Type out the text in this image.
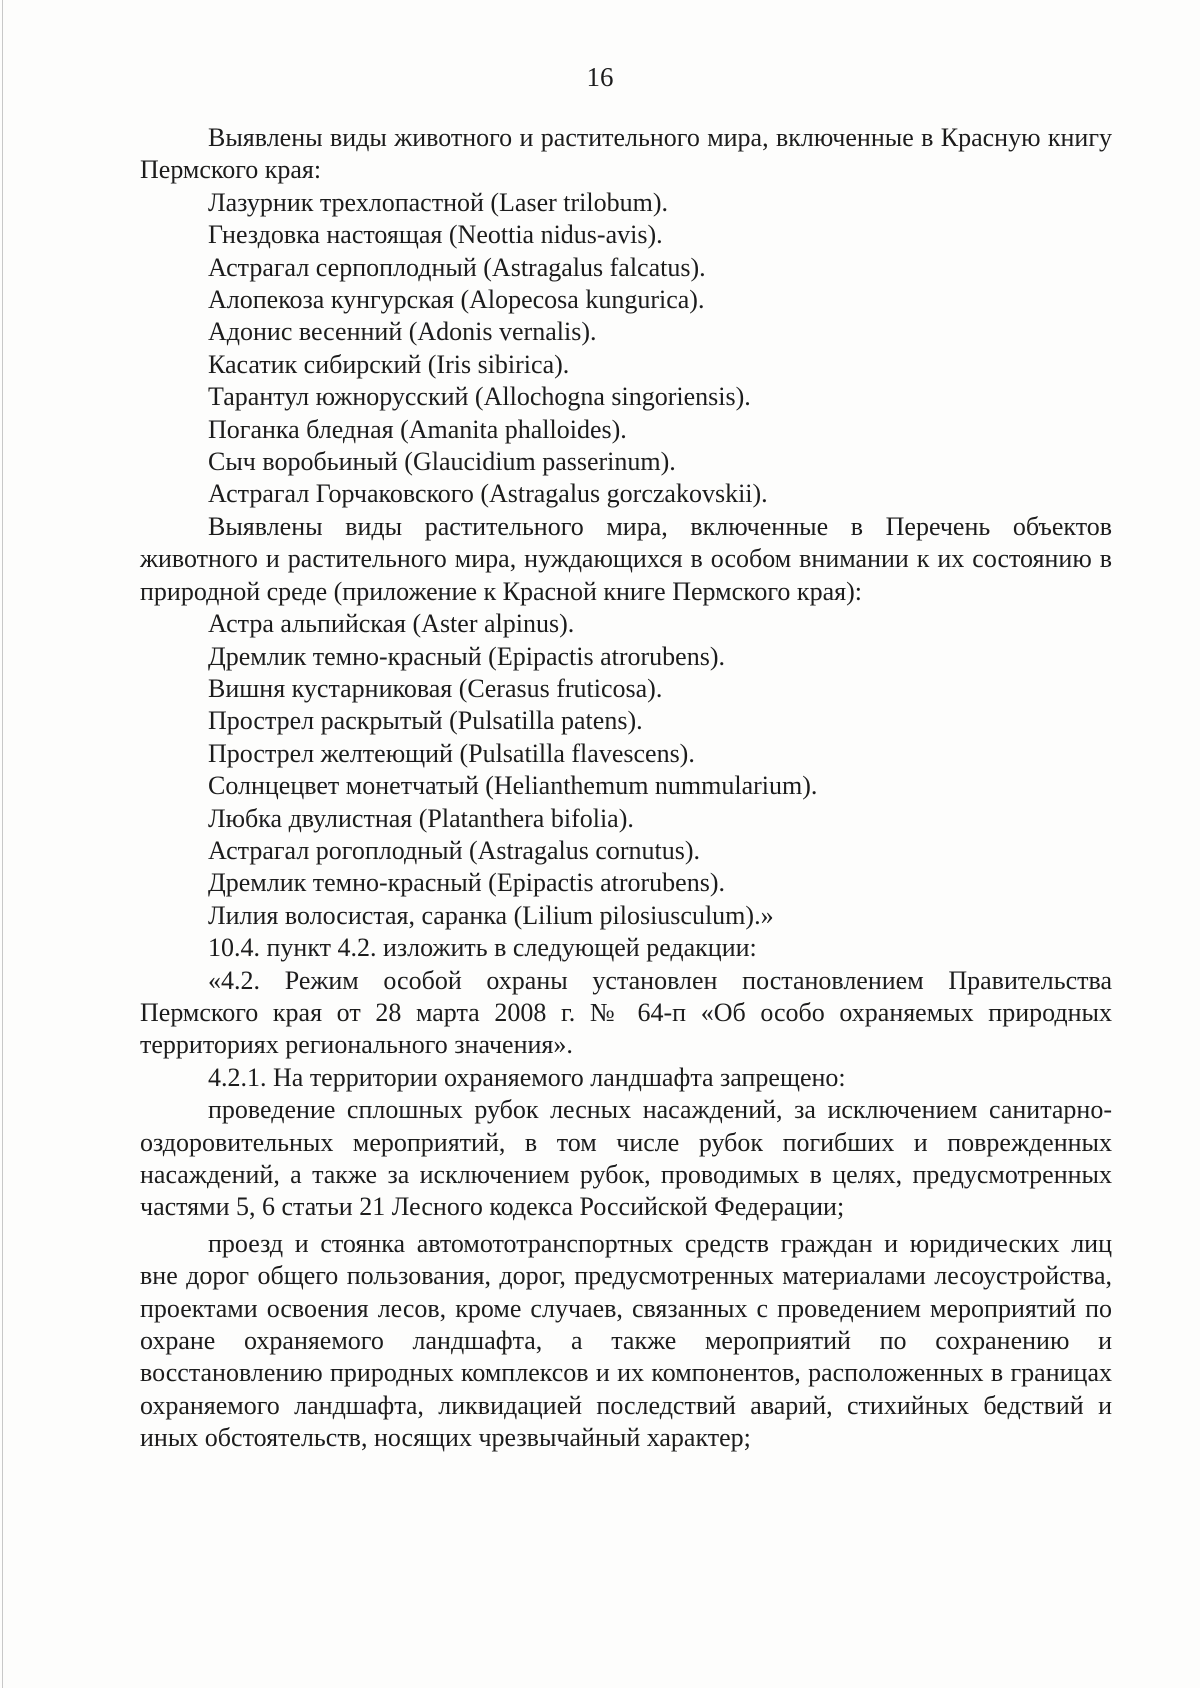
16

Выявлены виды животного и растительного мира, включенные в Красную книгу Пермского края:

Лазурник трехлопастной (Laser trilobum).

Гнездовка настоящая (Neottia nidus-avis).

Астрагал серпоплодный (Astragalus falcatus).

Алопекоза кунгурская (Alopecosa kungurica).

Адонис весенний (Adonis vernalis).

Касатик сибирский (Iris sibirica).

Тарантул южнорусский (Allochogna singoriensis).

Поганка бледная (Amanita phalloides).

Сыч воробьиный (Glaucidium passerinum).

Астрагал Горчаковского (Astragalus gorczakovskii).

Выявлены виды растительного мира, включенные в Перечень объектов животного и растительного мира, нуждающихся в особом внимании к их состоянию в природной среде (приложение к Красной книге Пермского края):

Астра альпийская (Aster alpinus).

Дремлик темно-красный (Epipactis atrorubens).

Вишня кустарниковая (Cerasus fruticosa).

Прострел раскрытый (Pulsatilla patens).

Прострел желтеющий (Pulsatilla flavescens).

Солнцецвет монетчатый (Helianthemum nummularium).

Любка двулистная (Platanthera bifolia).

Астрагал рогоплодный (Astragalus cornutus).

Дремлик темно-красный (Epipactis atrorubens).

Лилия волосистая, саранка (Lilium pilosiusculum).»

10.4. пункт 4.2. изложить в следующей редакции:

«4.2. Режим особой охраны установлен постановлением Правительства Пермского края от 28 марта 2008 г. № 64-п «Об особо охраняемых природных территориях регионального значения».

4.2.1. На территории охраняемого ландшафта запрещено:

проведение сплошных рубок лесных насаждений, за исключением санитарно-оздоровительных мероприятий, в том числе рубок погибших и поврежденных насаждений, а также за исключением рубок, проводимых в целях, предусмотренных частями 5, 6 статьи 21 Лесного кодекса Российской Федерации;

проезд и стоянка автомототранспортных средств граждан и юридических лиц вне дорог общего пользования, дорог, предусмотренных материалами лесоустройства, проектами освоения лесов, кроме случаев, связанных с проведением мероприятий по охране охраняемого ландшафта, а также мероприятий по сохранению и восстановлению природных комплексов и их компонентов, расположенных в границах охраняемого ландшафта, ликвидацией последствий аварий, стихийных бедствий и иных обстоятельств, носящих чрезвычайный характер;
